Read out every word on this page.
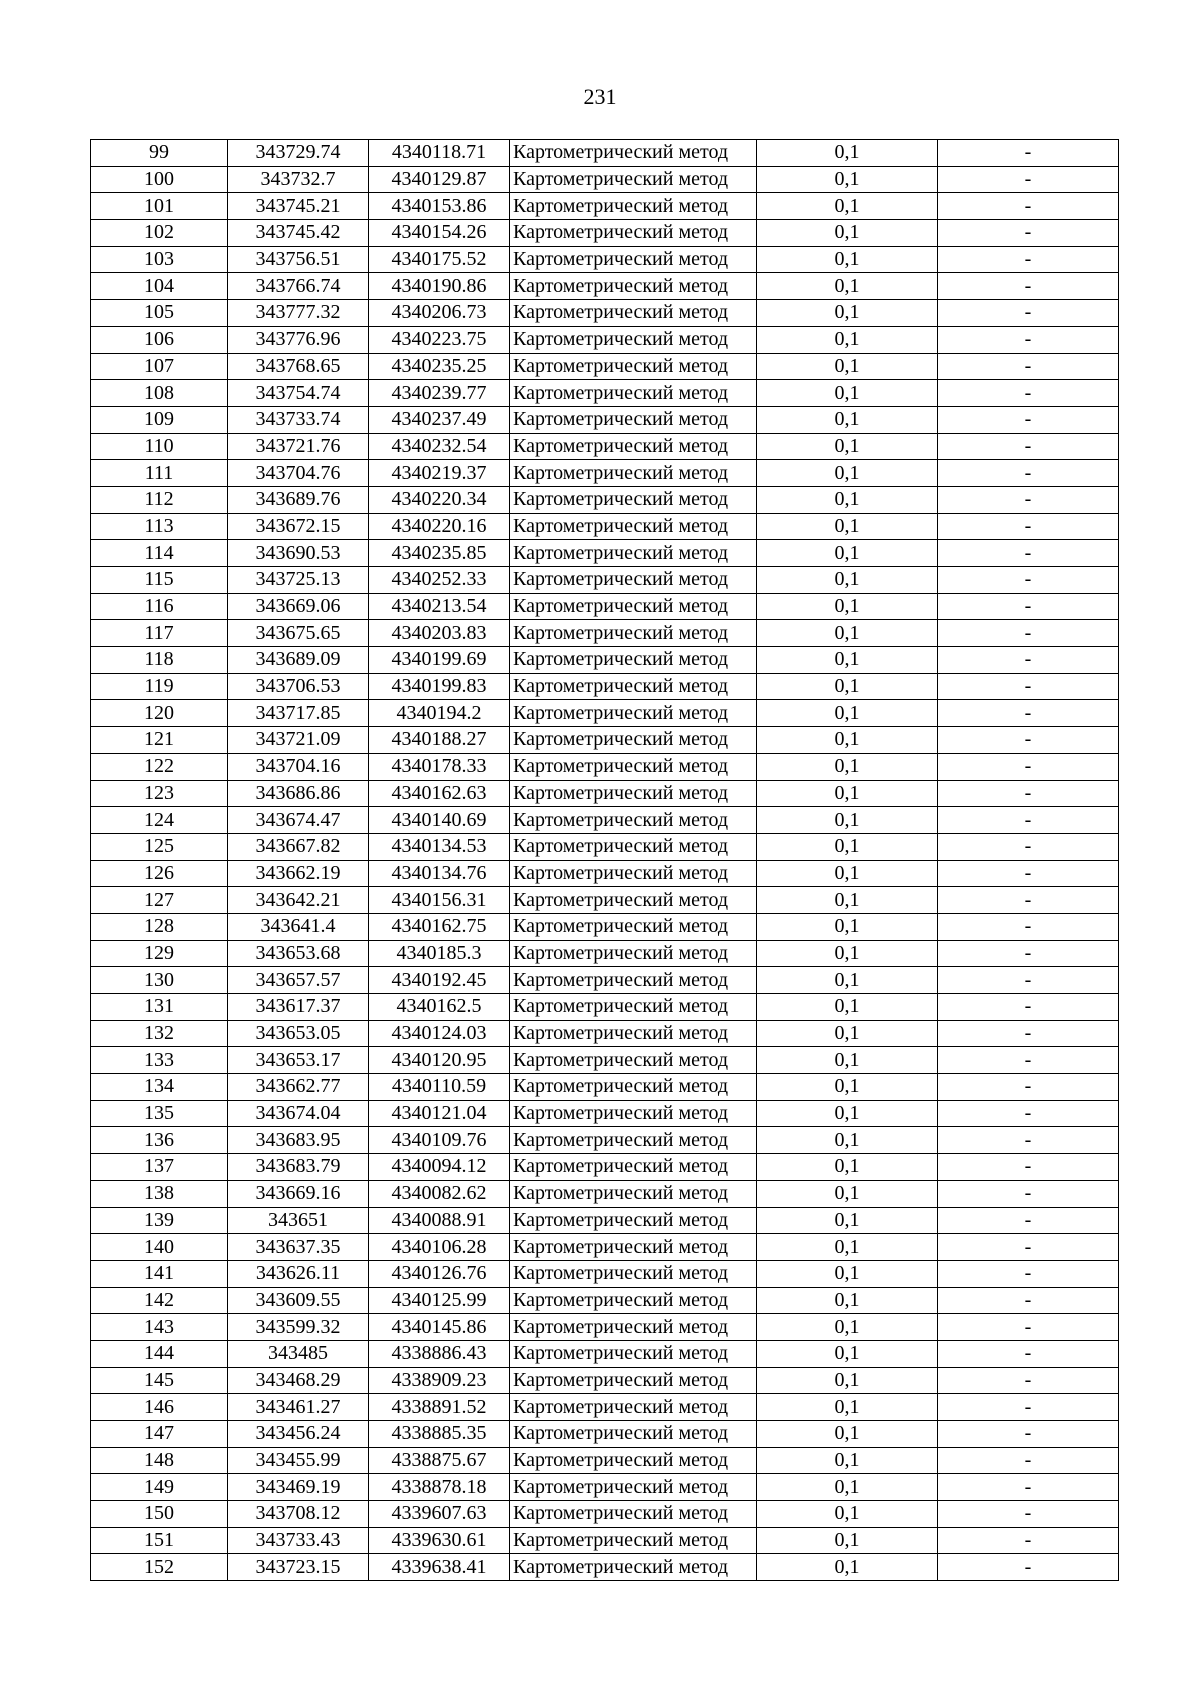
231
99	343729.74	4340118.71	Картометрический метод	0,1	-
100	343732.7	4340129.87	Картометрический метод	0,1	-
101	343745.21	4340153.86	Картометрический метод	0,1	-
102	343745.42	4340154.26	Картометрический метод	0,1	-
103	343756.51	4340175.52	Картометрический метод	0,1	-
104	343766.74	4340190.86	Картометрический метод	0,1	-
105	343777.32	4340206.73	Картометрический метод	0,1	-
106	343776.96	4340223.75	Картометрический метод	0,1	-
107	343768.65	4340235.25	Картометрический метод	0,1	-
108	343754.74	4340239.77	Картометрический метод	0,1	-
109	343733.74	4340237.49	Картометрический метод	0,1	-
110	343721.76	4340232.54	Картометрический метод	0,1	-
111	343704.76	4340219.37	Картометрический метод	0,1	-
112	343689.76	4340220.34	Картометрический метод	0,1	-
113	343672.15	4340220.16	Картометрический метод	0,1	-
114	343690.53	4340235.85	Картометрический метод	0,1	-
115	343725.13	4340252.33	Картометрический метод	0,1	-
116	343669.06	4340213.54	Картометрический метод	0,1	-
117	343675.65	4340203.83	Картометрический метод	0,1	-
118	343689.09	4340199.69	Картометрический метод	0,1	-
119	343706.53	4340199.83	Картометрический метод	0,1	-
120	343717.85	4340194.2	Картометрический метод	0,1	-
121	343721.09	4340188.27	Картометрический метод	0,1	-
122	343704.16	4340178.33	Картометрический метод	0,1	-
123	343686.86	4340162.63	Картометрический метод	0,1	-
124	343674.47	4340140.69	Картометрический метод	0,1	-
125	343667.82	4340134.53	Картометрический метод	0,1	-
126	343662.19	4340134.76	Картометрический метод	0,1	-
127	343642.21	4340156.31	Картометрический метод	0,1	-
128	343641.4	4340162.75	Картометрический метод	0,1	-
129	343653.68	4340185.3	Картометрический метод	0,1	-
130	343657.57	4340192.45	Картометрический метод	0,1	-
131	343617.37	4340162.5	Картометрический метод	0,1	-
132	343653.05	4340124.03	Картометрический метод	0,1	-
133	343653.17	4340120.95	Картометрический метод	0,1	-
134	343662.77	4340110.59	Картометрический метод	0,1	-
135	343674.04	4340121.04	Картометрический метод	0,1	-
136	343683.95	4340109.76	Картометрический метод	0,1	-
137	343683.79	4340094.12	Картометрический метод	0,1	-
138	343669.16	4340082.62	Картометрический метод	0,1	-
139	343651	4340088.91	Картометрический метод	0,1	-
140	343637.35	4340106.28	Картометрический метод	0,1	-
141	343626.11	4340126.76	Картометрический метод	0,1	-
142	343609.55	4340125.99	Картометрический метод	0,1	-
143	343599.32	4340145.86	Картометрический метод	0,1	-
144	343485	4338886.43	Картометрический метод	0,1	-
145	343468.29	4338909.23	Картометрический метод	0,1	-
146	343461.27	4338891.52	Картометрический метод	0,1	-
147	343456.24	4338885.35	Картометрический метод	0,1	-
148	343455.99	4338875.67	Картометрический метод	0,1	-
149	343469.19	4338878.18	Картометрический метод	0,1	-
150	343708.12	4339607.63	Картометрический метод	0,1	-
151	343733.43	4339630.61	Картометрический метод	0,1	-
152	343723.15	4339638.41	Картометрический метод	0,1	-
